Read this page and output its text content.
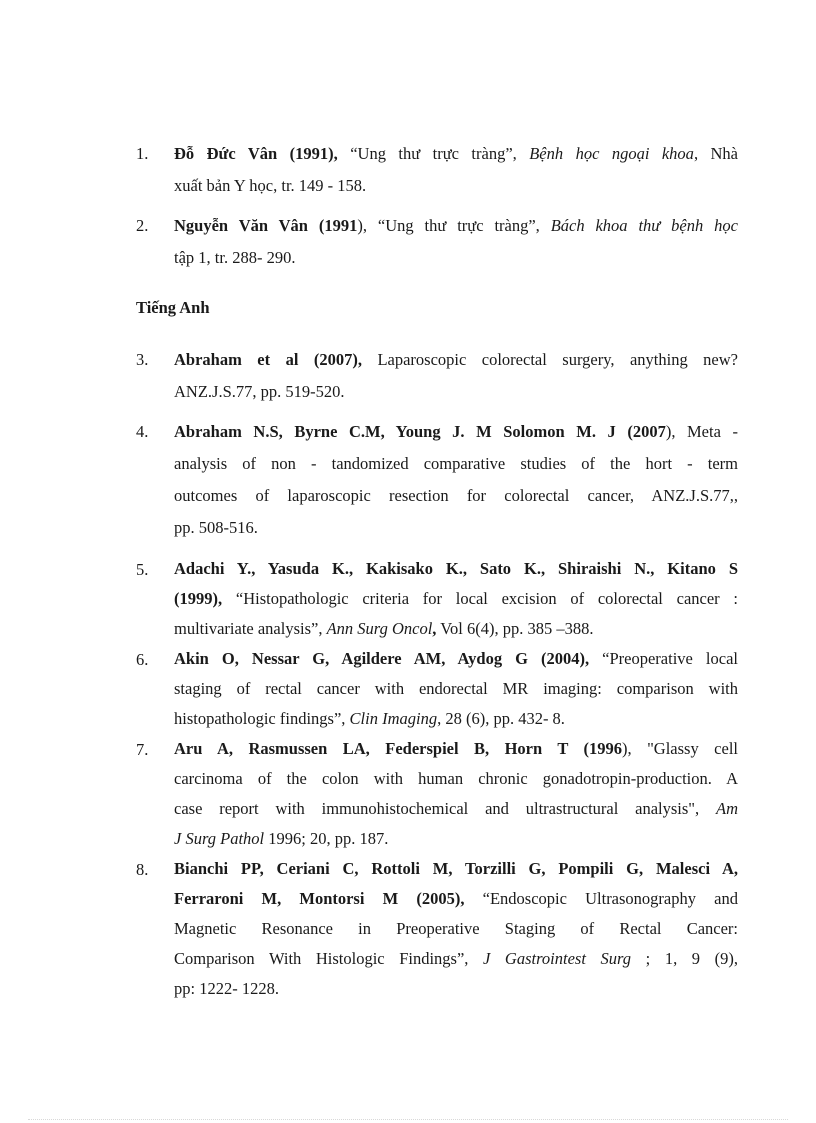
1. Đỗ Đức Vân (1991), “Ung thư trực tràng”, Bệnh học ngoại khoa, Nhà
xuất bản Y học, tr. 149 - 158.
2. Nguyễn Văn Vân (1991), “Ung thư trực tràng”, Bách khoa thư bệnh học
tập 1, tr. 288- 290.
Tiếng Anh
3. Abraham et al (2007), Laparoscopic colorectal surgery, anything new?
ANZ.J.S.77, pp. 519-520.
4. Abraham N.S, Byrne C.M, Young J. M Solomon M. J (2007), Meta -
analysis of non - tandomized comparative studies of the hort - term
outcomes of laparoscopic resection for colorectal cancer, ANZ.J.S.77,,
pp. 508-516.
5. Adachi Y., Yasuda K., Kakisako K., Sato K., Shiraishi N., Kitano S
(1999), “Histopathologic criteria for local excision of colorectal cancer :
multivariate analysis”, Ann Surg Oncol, Vol 6(4), pp. 385 –388.
6. Akin O, Nessar G, Agildere AM, Aydog G (2004), “Preoperative local
staging of rectal cancer with endorectal MR imaging: comparison with
histopathologic findings”, Clin Imaging, 28 (6), pp. 432- 8.
7. Aru A, Rasmussen LA, Federspiel B, Horn T (1996), "Glassy cell
carcinoma of the colon with human chronic gonadotropin-production. A
case report with immunohistochemical and ultrastructural analysis", Am
J Surg Pathol 1996; 20, pp. 187.
8. Bianchi PP, Ceriani C, Rottoli M, Torzilli G, Pompili G, Malesci A,
Ferraroni M, Montorsi M (2005), “Endoscopic Ultrasonography and
Magnetic Resonance in Preoperative Staging of Rectal Cancer:
Comparison With Histologic Findings”, J Gastrointest Surg ; 1, 9 (9),
pp: 1222- 1228.
